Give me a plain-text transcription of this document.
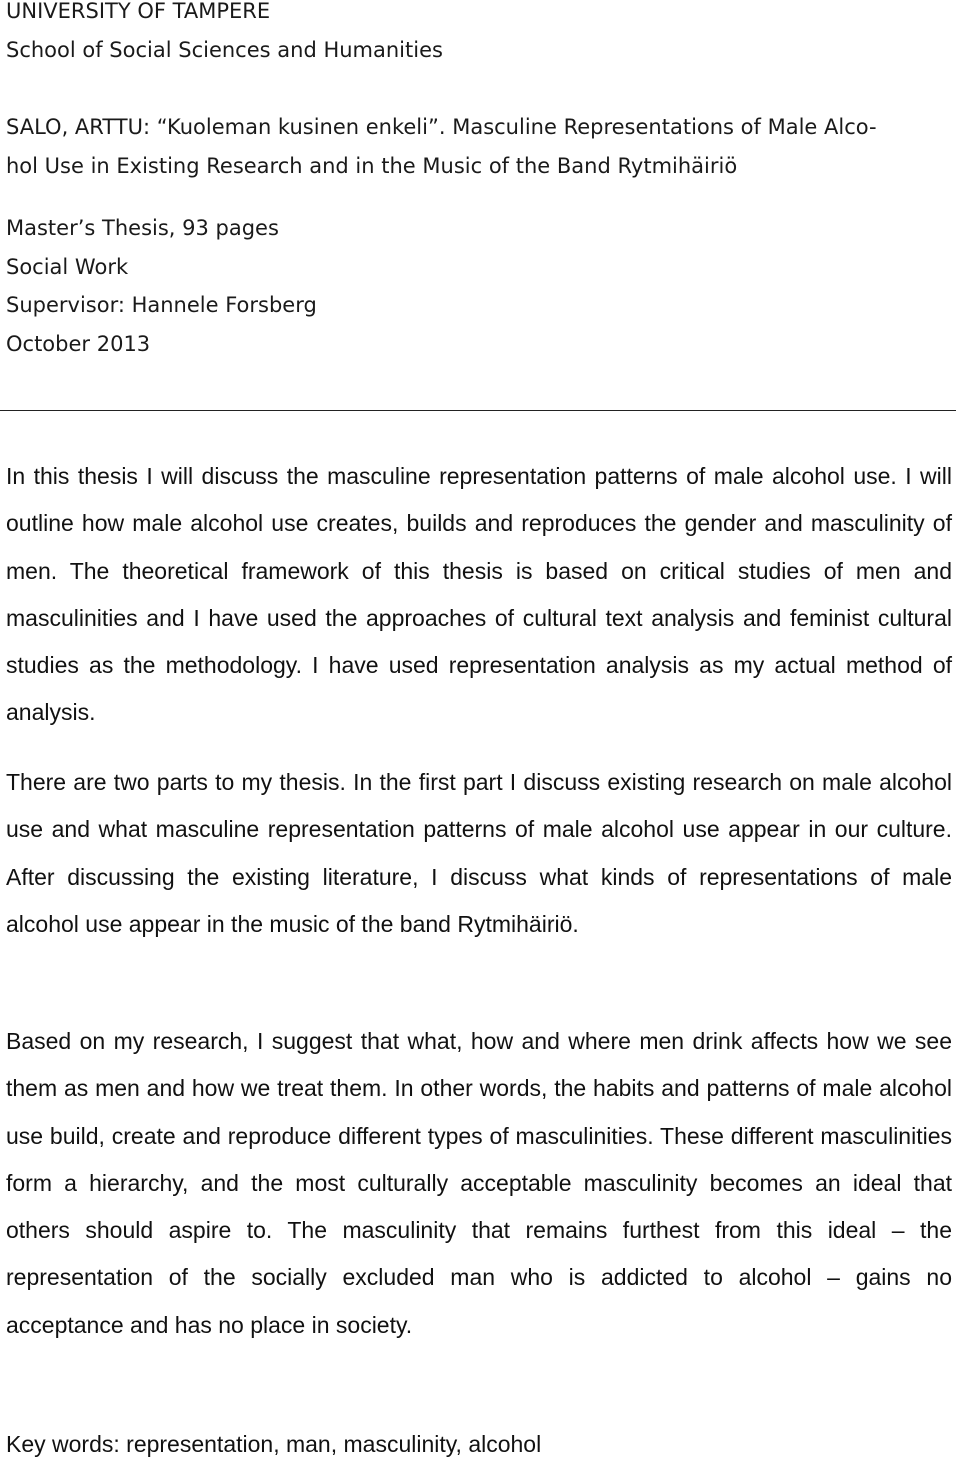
UNIVERSITY OF TAMPERE
School of Social Sciences and Humanities
SALO, ARTTU: “Kuoleman kusinen enkeli”. Masculine Representations of Male Alco-
hol Use in Existing Research and in the Music of the Band Rytmihäiriö
Master’s Thesis, 93 pages
Social Work
Supervisor: Hannele Forsberg
October 2013

In this thesis I will discuss the masculine representation patterns of male alcohol use. I will outline how male alcohol use creates, builds and reproduces the gender and masculinity of men. The theoretical framework of this thesis is based on critical studies of men and masculinities and I have used the approaches of cultural text analysis and feminist cultural studies as the methodology. I have used representation analysis as my actual method of analysis.

There are two parts to my thesis. In the first part I discuss existing research on male alcohol use and what masculine representation patterns of male alcohol use appear in our culture. After discussing the existing literature, I discuss what kinds of representations of male alcohol use appear in the music of the band Rytmihäiriö.

Based on my research, I suggest that what, how and where men drink affects how we see them as men and how we treat them. In other words, the habits and patterns of male alcohol use build, create and reproduce different types of masculinities. These different masculinities form a hierarchy, and the most culturally acceptable masculinity becomes an ideal that others should aspire to. The masculinity that remains furthest from this ideal – the representation of the socially excluded man who is addicted to alcohol – gains no acceptance and has no place in society.

Key words: representation, man, masculinity, alcohol
